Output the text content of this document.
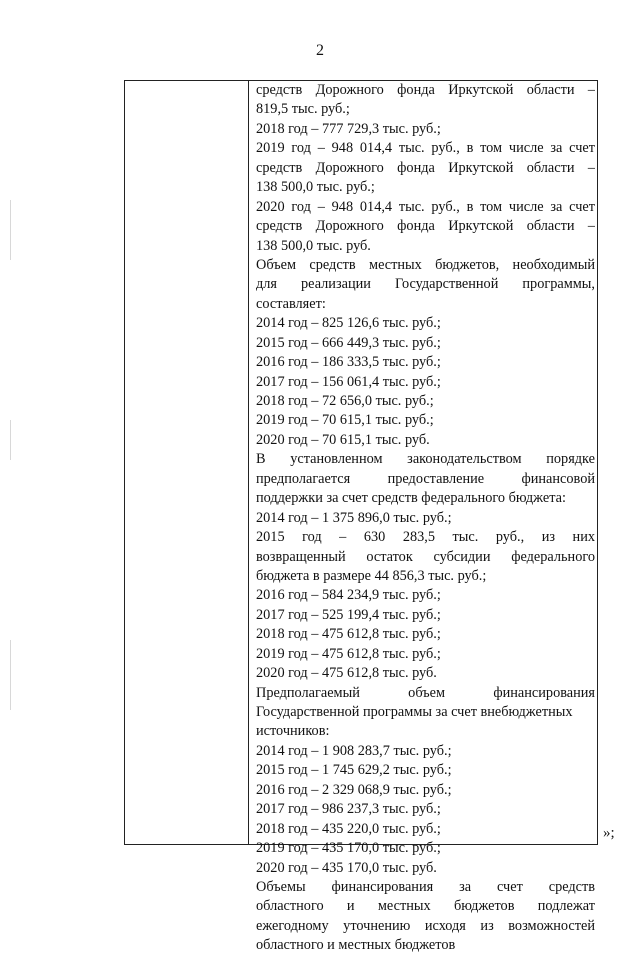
2
средств Дорожного фонда Иркутской области –
819,5 тыс. руб.;
2018 год – 777 729,3 тыс. руб.;
2019 год – 948 014,4 тыс. руб., в том числе за счет
средств Дорожного фонда Иркутской области –
138 500,0 тыс. руб.;
2020 год – 948 014,4 тыс. руб., в том числе за счет
средств Дорожного фонда Иркутской области –
138 500,0 тыс. руб.
Объем средств местных бюджетов, необходимый
для реализации Государственной программы,
составляет:
2014 год – 825 126,6 тыс. руб.;
2015 год – 666 449,3 тыс. руб.;
2016 год – 186 333,5 тыс. руб.;
2017 год – 156 061,4 тыс. руб.;
2018 год – 72 656,0 тыс. руб.;
2019 год – 70 615,1 тыс. руб.;
2020 год – 70 615,1 тыс. руб.
В установленном законодательством порядке
предполагается предоставление финансовой
поддержки за счет средств федерального бюджета:
2014 год – 1 375 896,0 тыс. руб.;
2015 год – 630 283,5 тыс. руб., из них
возвращенный остаток субсидии федерального
бюджета в размере 44 856,3 тыс. руб.;
2016 год – 584 234,9 тыс. руб.;
2017 год – 525 199,4 тыс. руб.;
2018 год – 475 612,8 тыс. руб.;
2019 год – 475 612,8 тыс. руб.;
2020 год – 475 612,8 тыс. руб.
Предполагаемый объем финансирования
Государственной программы за счет внебюджетных
источников:
2014 год – 1 908 283,7 тыс. руб.;
2015 год – 1 745 629,2 тыс. руб.;
2016 год – 2 329 068,9 тыс. руб.;
2017 год – 986 237,3 тыс. руб.;
2018 год – 435 220,0 тыс. руб.;
2019 год – 435 170,0 тыс. руб.;
2020 год – 435 170,0 тыс. руб.
Объемы финансирования за счет средств
областного и местных бюджетов подлежат
ежегодному уточнению исходя из возможностей
областного и местных бюджетов
»;
